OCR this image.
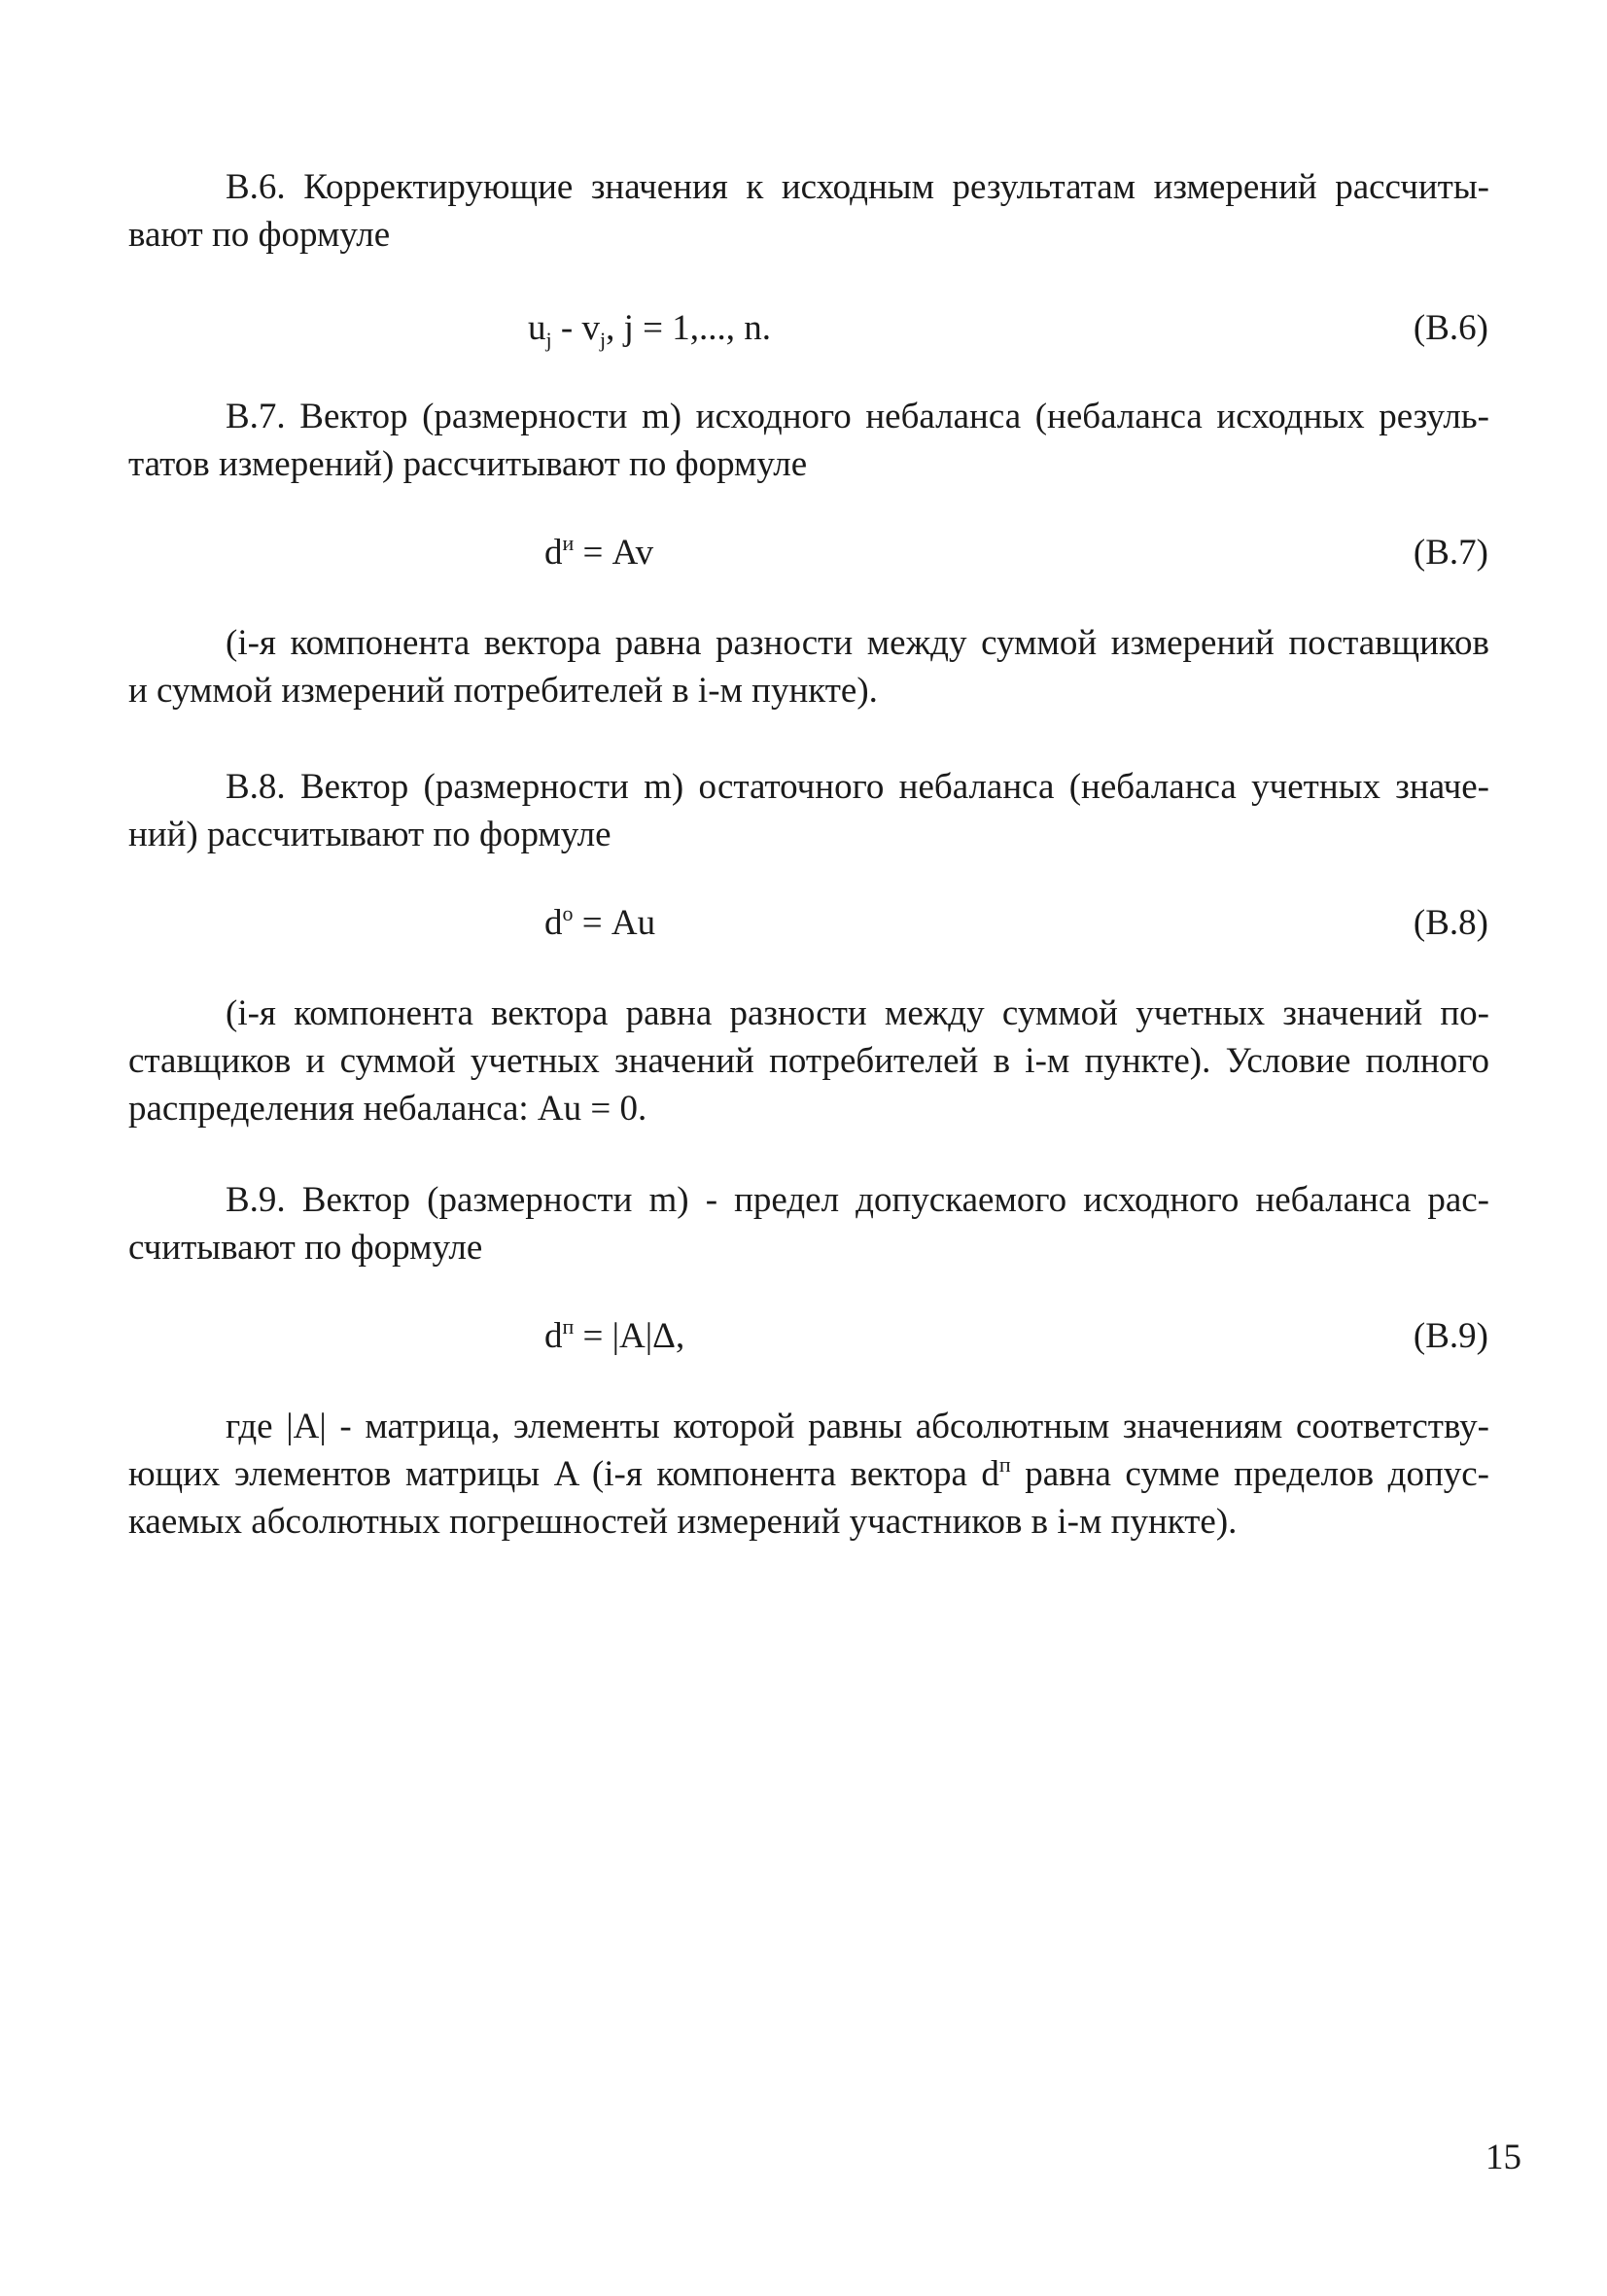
В.6. Корректирующие значения к исходным результатам измерений рассчиты-
вают по формуле
$u_j - v_j$, j = 1,..., n.	(В.6)
В.7. Вектор (размерности m) исходного небаланса (небаланса исходных резуль-
татов измерений) рассчитывают по формуле
$d^и = Av$	(В.7)
(i-я компонента вектора равна разности между суммой измерений поставщиков
и суммой измерений потребителей в i-м пункте).
В.8. Вектор (размерности m) остаточного небаланса (небаланса учетных значе-
ний) рассчитывают по формуле
$d^о = Au$	(В.8)
(i-я компонента вектора равна разности между суммой учетных значений по-
ставщиков и суммой учетных значений потребителей в i-м пункте). Условие полного
распределения небаланса: Au = 0.
В.9. Вектор (размерности m) - предел допускаемого исходного небаланса рас-
считывают по формуле
$d^п = |A|\Delta$,	(В.9)
где |A| - матрица, элементы которой равны абсолютным значениям соответству-
ющих элементов матрицы A (i-я компонента вектора $d^п$ равна сумме пределов допус-
каемых абсолютных погрешностей измерений участников в i-м пункте).
15
